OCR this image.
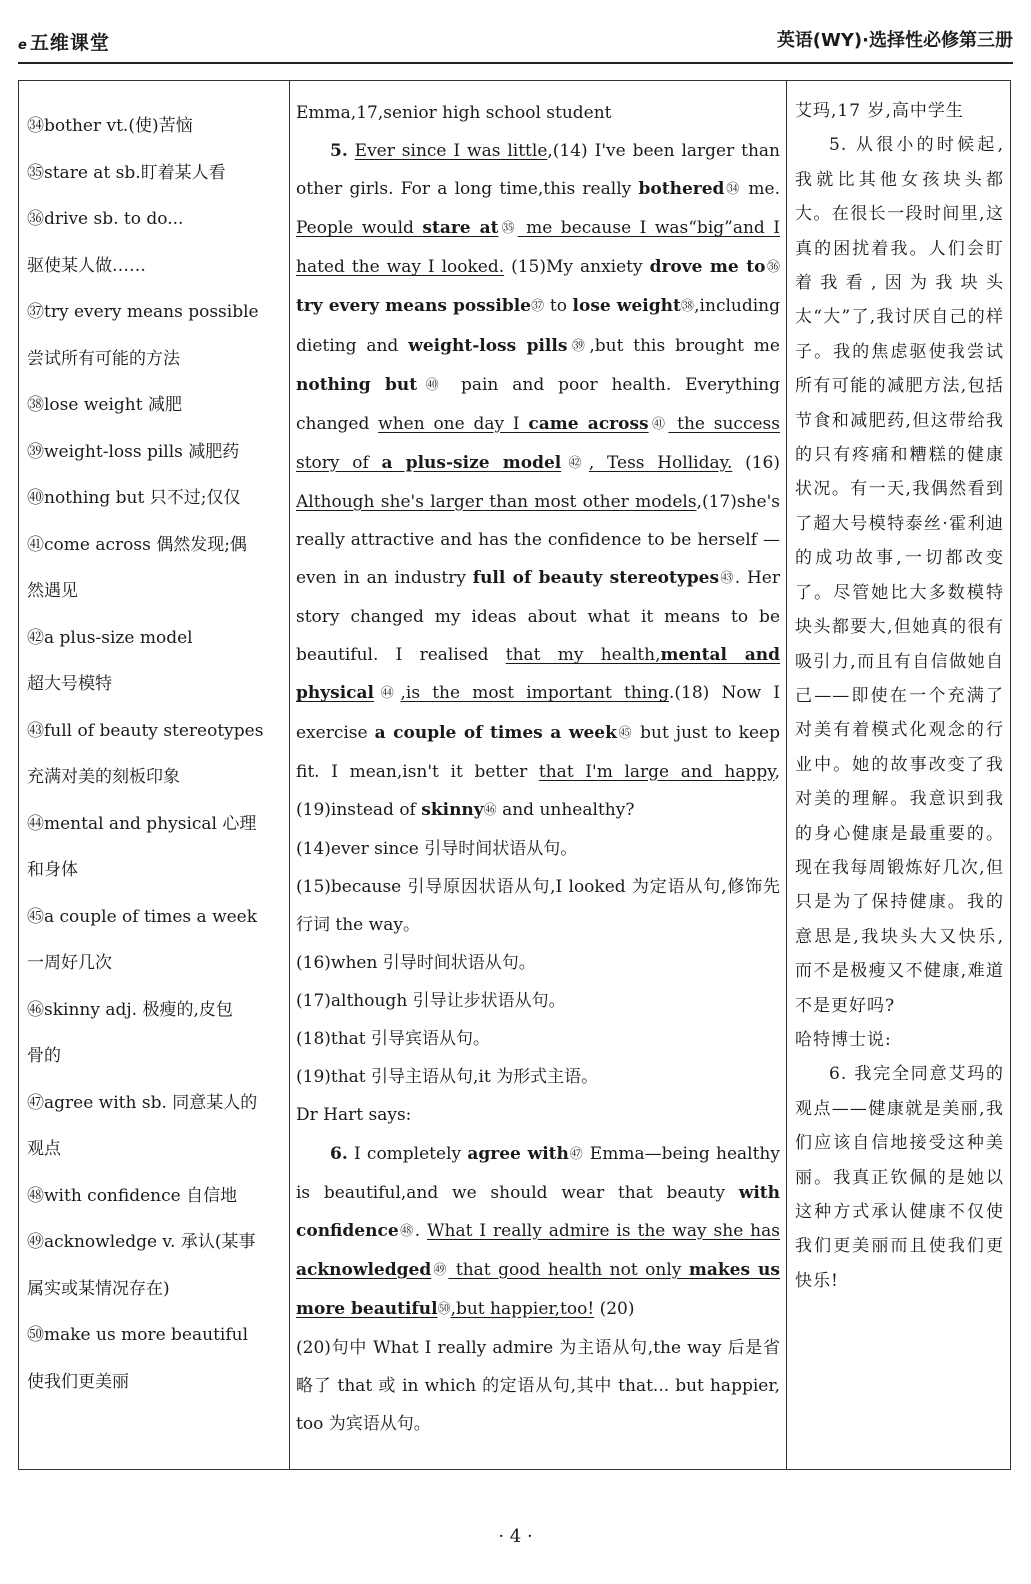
e 五维课堂	英语(WY)·选择性必修第三册
㉞bother vt.(使)苦恼
㉟stare at sb.盯着某人看
㊱drive sb. to do...
驱使某人做……
㊲try every means possible
尝试所有可能的方法
㊳lose weight 减肥
㊴weight-loss pills 减肥药
㊵nothing but 只不过;仅仅
㊶come across 偶然发现;偶
然遇见
㊷a plus-size model
超大号模特
㊸full of beauty stereotypes
充满对美的刻板印象
㊹mental and physical 心理
和身体
㊺a couple of times a week
一周好几次
㊻skinny adj. 极瘦的,皮包
骨的
㊼agree with sb. 同意某人的
观点
㊽with confidence 自信地
㊾acknowledge v. 承认(某事
属实或某情况存在)
㊿make us more beautiful
使我们更美丽

Emma,17,senior high school student

5. Ever since I was little,(14) I've been larger than other girls. For a long time,this really bothered㉞ me. People would stare at㉟ me because I was“big”and I hated the way I looked. (15)My anxiety drove me to㊱ try every means possible㊲ to lose weight㊳,including dieting and weight-loss pills㊴,but this brought me nothing but㊵ pain and poor health. Everything changed when one day I came across㊶ the success story of a plus-size model㊷, Tess Holliday. (16) Although she's larger than most other models,(17)she's really attractive and has the confidence to be herself — even in an industry full of beauty stereotypes㊸. Her story changed my ideas about what it means to be beautiful. I realised that my health,mental and physical㊹,is the most important thing.(18) Now I exercise a couple of times a week㊺ but just to keep fit. I mean,isn't it better that I'm large and happy,(19)instead of skinny㊻ and unhealthy?

(14)ever since 引导时间状语从句。

(15)because 引导原因状语从句,I looked 为定语从句,修饰先行词 the way。

(16)when 引导时间状语从句。

(17)although 引导让步状语从句。

(18)that 引导宾语从句。

(19)that 引导主语从句,it 为形式主语。

Dr Hart says:

6. I completely agree with㊼ Emma—being healthy is beautiful,and we should wear that beauty with confidence㊽. What I really admire is the way she has acknowledged㊾ that good health not only makes us more beautiful㊿,but happier,too! (20)

(20)句中 What I really admire 为主语从句,the way 后是省略了 that 或 in which 的定语从句,其中 that... but happier, too 为宾语从句。

艾玛,17 岁,高中学生

5. 从很小的时候起,我就比其他女孩块头都大。在很长一段时间里,这真的困扰着我。人们会盯着我看,因为我块头太“大”了,我讨厌自己的样子。我的焦虑驱使我尝试所有可能的减肥方法,包括节食和减肥药,但这带给我的只有疼痛和糟糕的健康状况。有一天,我偶然看到了超大号模特泰丝·霍利迪的成功故事,一切都改变了。尽管她比大多数模特块头都要大,但她真的很有吸引力,而且有自信做她自己——即使在一个充满了对美有着模式化观念的行业中。她的故事改变了我对美的理解。我意识到我的身心健康是最重要的。现在我每周锻炼好几次,但只是为了保持健康。我的意思是,我块头大又快乐,而不是极瘦又不健康,难道不是更好吗?

哈特博士说:

6. 我完全同意艾玛的观点——健康就是美丽,我们应该自信地接受这种美丽。我真正钦佩的是她以这种方式承认健康不仅使我们更美丽而且使我们更快乐!

· 4 ·
